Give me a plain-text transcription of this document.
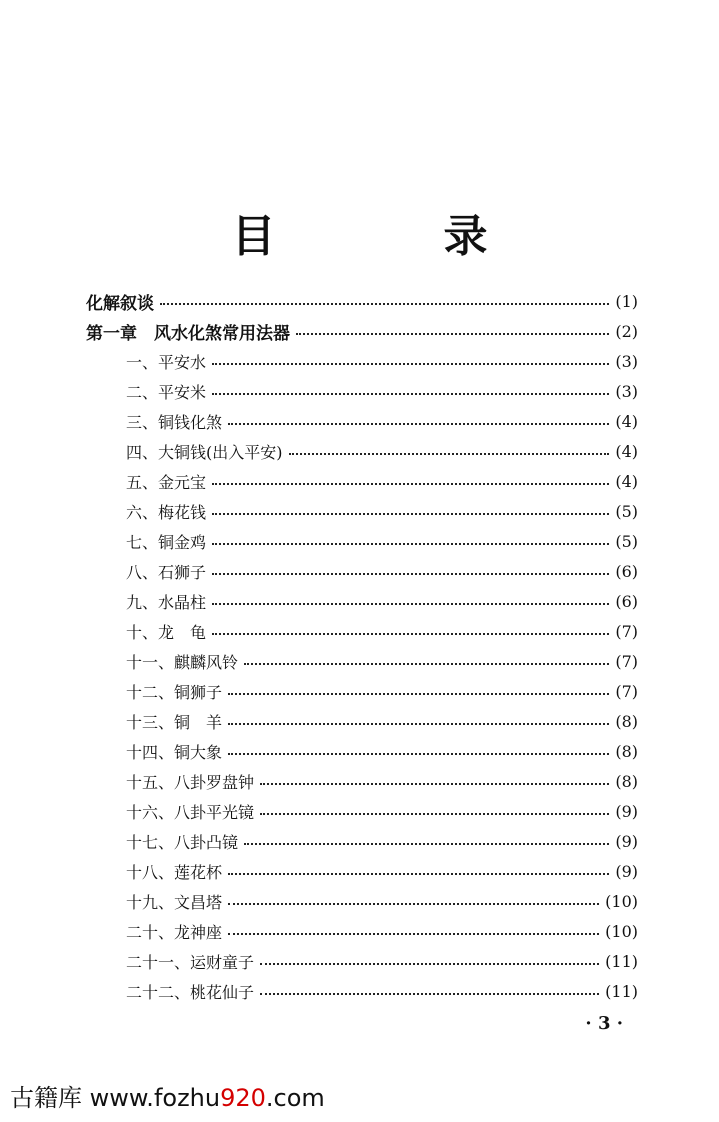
目　录
化解叙谈	(1)
第一章　风水化煞常用法器	(2)
一、平安水	(3)
二、平安米	(3)
三、铜钱化煞	(4)
四、大铜钱(出入平安)	(4)
五、金元宝	(4)
六、梅花钱	(5)
七、铜金鸡	(5)
八、石狮子	(6)
九、水晶柱	(6)
十、龙　龟	(7)
十一、麒麟风铃	(7)
十二、铜狮子	(7)
十三、铜　羊	(8)
十四、铜大象	(8)
十五、八卦罗盘钟	(8)
十六、八卦平光镜	(9)
十七、八卦凸镜	(9)
十八、莲花杯	(9)
十九、文昌塔	(10)
二十、龙神座	(10)
二十一、运财童子	(11)
二十二、桃花仙子	(11)
· 3 ·
古籍库 www.fozhu920.com
